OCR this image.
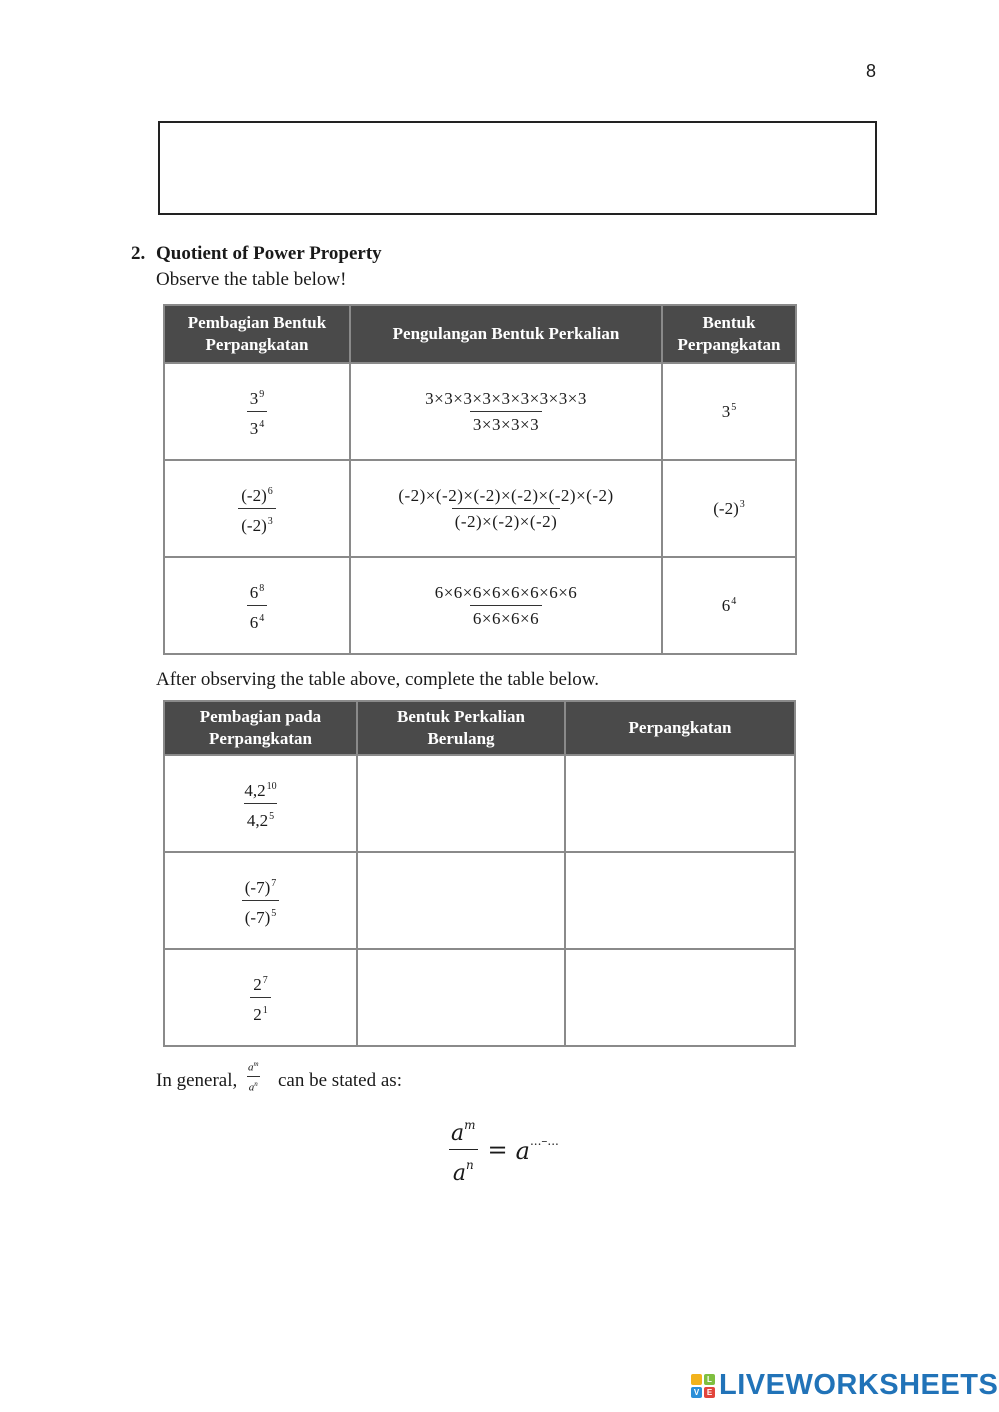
8
2. Quotient of Power Property
Observe the table below!
Pembagian Bentuk Perpangkatan	Pengulangan Bentuk Perkalian	Bentuk Perpangkatan

$\frac{3^9}{3^4}$	$\frac{3\times 3\times 3\times 3\times 3\times 3\times 3\times 3\times 3}{3\times 3\times 3\times 3}$	$3^5$

$\frac{(-2)^6}{(-2)^3}$	$\frac{(-2)\times(-2)\times(-2)\times(-2)\times(-2)\times(-2)}{(-2)\times(-2)\times(-2)}$	$(-2)^3$

$\frac{6^8}{6^4}$	$\frac{6\times 6\times 6\times 6\times 6\times 6\times 6\times 6}{6\times 6\times 6\times 6}$	$6^4$
After observing the table above, complete the table below.
Pembagian pada Perpangkatan	Bentuk Perkalian Berulang	Perpangkatan

$\frac{4,2^{10}}{4,2^5}$

$\frac{(-7)^7}{(-7)^5}$

$\frac{2^7}{2^1}$

In general, $\frac{a^m}{a^n}$ can be stated as:
$\frac{a^m}{a^n} = a^{...-...}$
L
V E LIVEWORKSHEETS
